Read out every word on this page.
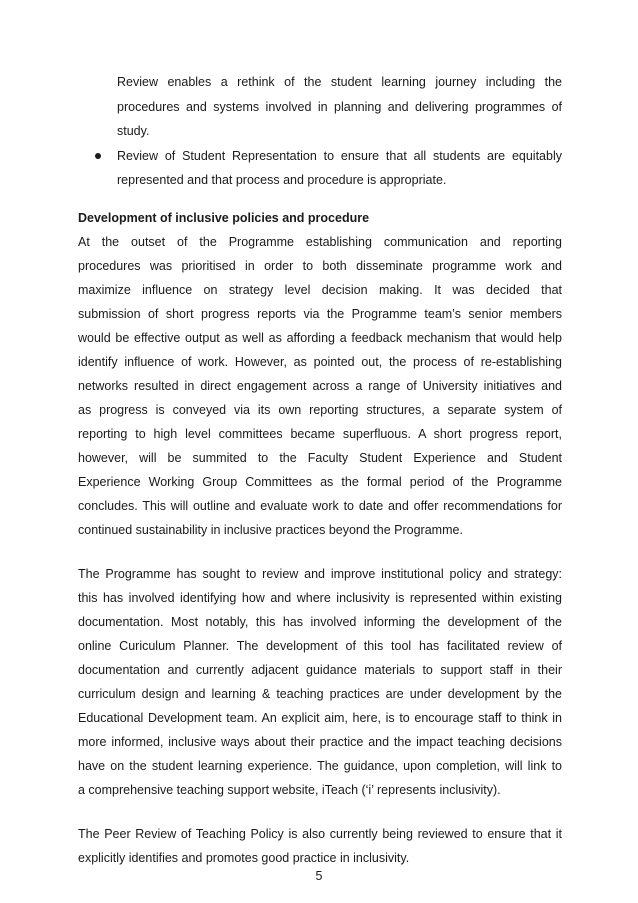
Review enables a rethink of the student learning journey including the
procedures and systems involved in planning and delivering programmes of
study.
Review of Student Representation to ensure that all students are equitably
represented and that process and procedure is appropriate.
Development of inclusive policies and procedure
At the outset of the Programme establishing communication and reporting
procedures was prioritised in order to both disseminate programme work and
maximize influence on strategy level decision making. It was decided that
submission of short progress reports via the Programme team’s senior members
would be effective output as well as affording a feedback mechanism that would help
identify influence of work. However, as pointed out, the process of re-establishing
networks resulted in direct engagement across a range of University initiatives and
as progress is conveyed via its own reporting structures, a separate system of
reporting to high level committees became superfluous. A short progress report,
however, will be summited to the Faculty Student Experience and Student
Experience Working Group Committees as the formal period of the Programme
concludes. This will outline and evaluate work to date and offer recommendations for
continued sustainability in inclusive practices beyond the Programme.
The Programme has sought to review and improve institutional policy and strategy:
this has involved identifying how and where inclusivity is represented within existing
documentation. Most notably, this has involved informing the development of the
online Curiculum Planner. The development of this tool has facilitated review of
documentation and currently adjacent guidance materials to support staff in their
curriculum design and learning & teaching practices are under development by the
Educational Development team. An explicit aim, here, is to encourage staff to think in
more informed, inclusive ways about their practice and the impact teaching decisions
have on the student learning experience. The guidance, upon completion, will link to
a comprehensive teaching support website, iTeach (‘i’ represents inclusivity).
The Peer Review of Teaching Policy is also currently being reviewed to ensure that it
explicitly identifies and promotes good practice in inclusivity.
5
